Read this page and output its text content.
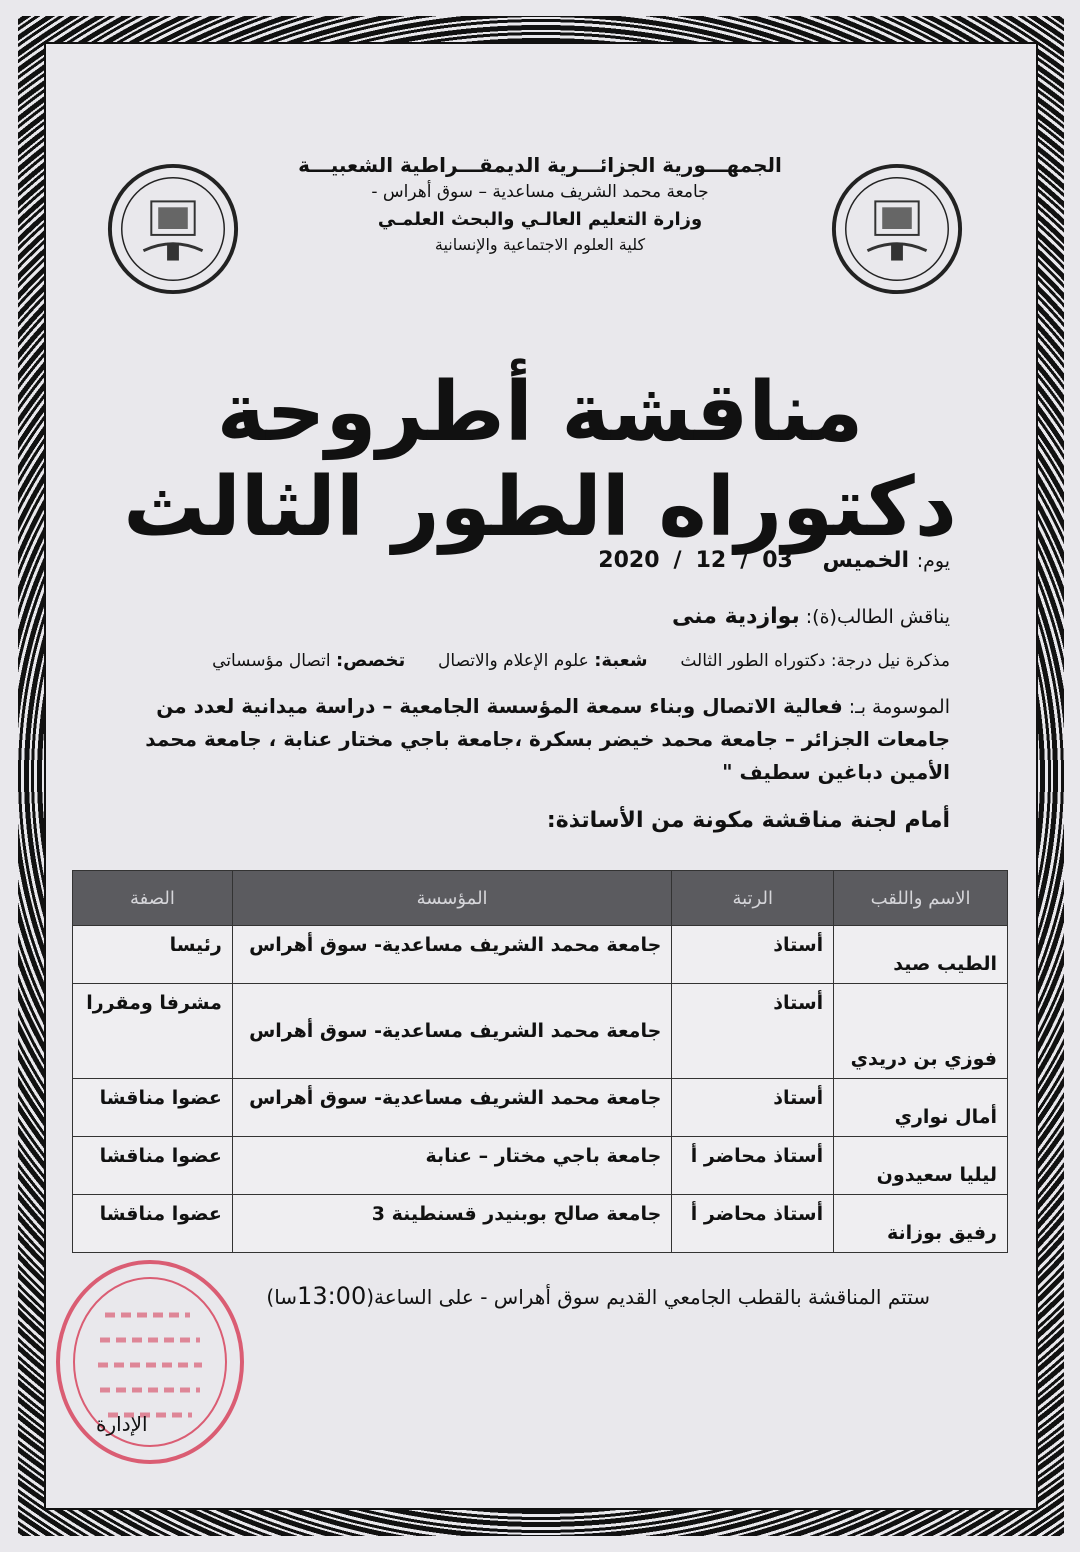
الجمهـــورية الجزائـــرية الديمقـــراطية الشعبيـــة
جامعة محمد الشريف مساعدية – سوق أهراس -
وزارة التعليم العالـي والبحث العلمـي
كلية العلوم الاجتماعية والإنسانية
مناقشة أطروحة دكتوراه الطور الثالث
يوم: الخميس 2020 / 12 / 03
يناقش الطالب(ة): بوازدية منى
مذكرة نيل درجة: دكتوراه الطور الثالث  شعبة: علوم الإعلام والاتصال  تخصص: اتصال مؤسساتي
الموسومة بـ: فعالية الاتصال وبناء سمعة المؤسسة الجامعية – دراسة ميدانية لعدد من جامعات الجزائر – جامعة محمد خيضر بسكرة ،جامعة باجي مختار عنابة ، جامعة محمد الأمين دباغين سطيف "
أمام لجنة مناقشة مكونة من الأساتذة:
الاسم واللقب	الرتبة	المؤسسة	الصفة
الطيب صيد	أستاذ	جامعة محمد الشريف مساعدية- سوق أهراس	رئيسا
فوزي بن دريدي	أستاذ	جامعة محمد الشريف مساعدية- سوق أهراس	مشرفا ومقررا
أمال نواري	أستاذ	جامعة محمد الشريف مساعدية- سوق أهراس	عضوا مناقشا
ليليا سعيدون	أستاذ محاضر أ	جامعة باجي مختار – عنابة	عضوا مناقشا
رفيق بوزانة	أستاذ محاضر أ	جامعة صالح بوبنيدر قسنطينة 3	عضوا مناقشا
ستتم المناقشة بالقطب الجامعي القديم سوق أهراس - على الساعة(13:00سا)
الإدارة
